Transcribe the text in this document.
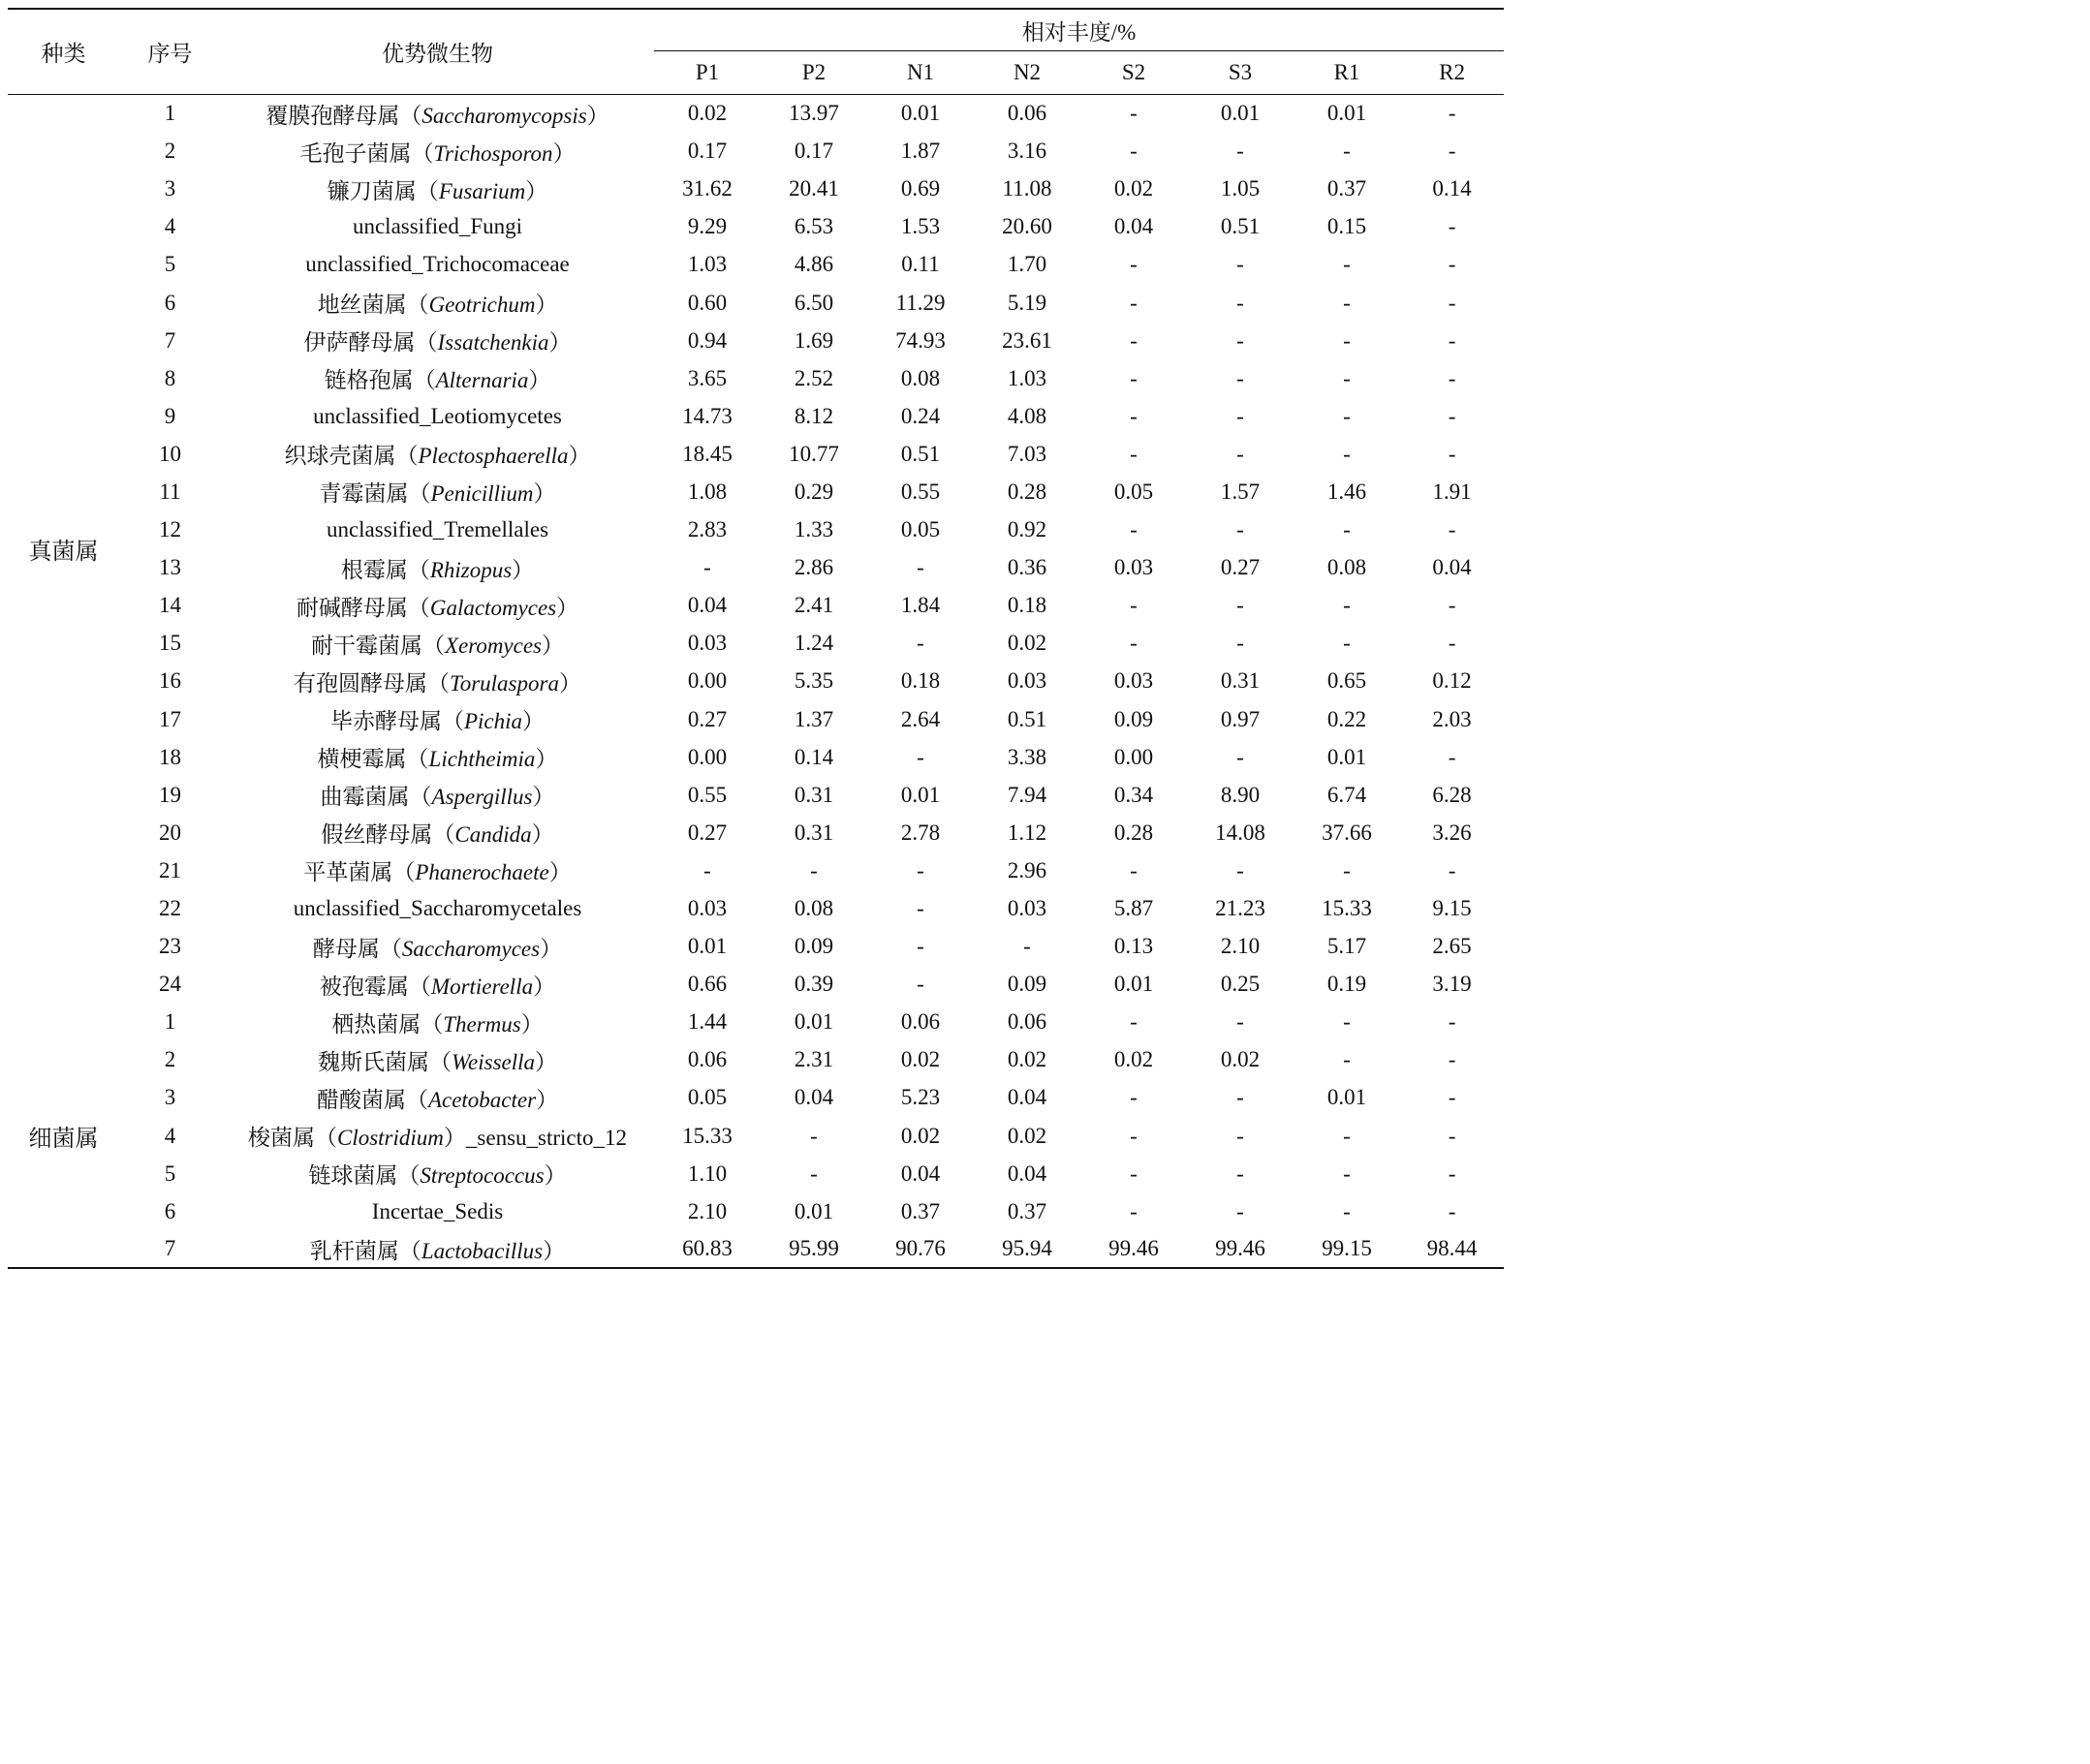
种类	序号	优势微生物	相对丰度/%							
			P1	P2	N1	N2	S2	S3	R1	R2
真菌属	1	覆膜孢酵母属（Saccharomycopsis）	0.02	13.97	0.01	0.06	-	0.01	0.01	-
	2	毛孢子菌属（Trichosporon）	0.17	0.17	1.87	3.16	-	-	-	-
	3	镰刀菌属（Fusarium）	31.62	20.41	0.69	11.08	0.02	1.05	0.37	0.14
	4	unclassified_Fungi	9.29	6.53	1.53	20.60	0.04	0.51	0.15	-
	5	unclassified_Trichocomaceae	1.03	4.86	0.11	1.70	-	-	-	-
	6	地丝菌属（Geotrichum）	0.60	6.50	11.29	5.19	-	-	-	-
	7	伊萨酵母属（Issatchenkia）	0.94	1.69	74.93	23.61	-	-	-	-
	8	链格孢属（Alternaria）	3.65	2.52	0.08	1.03	-	-	-	-
	9	unclassified_Leotiomycetes	14.73	8.12	0.24	4.08	-	-	-	-
	10	织球壳菌属（Plectosphaerella）	18.45	10.77	0.51	7.03	-	-	-	-
	11	青霉菌属（Penicillium）	1.08	0.29	0.55	0.28	0.05	1.57	1.46	1.91
	12	unclassified_Tremellales	2.83	1.33	0.05	0.92	-	-	-	-
	13	根霉属（Rhizopus）	-	2.86	-	0.36	0.03	0.27	0.08	0.04
	14	耐碱酵母属（Galactomyces）	0.04	2.41	1.84	0.18	-	-	-	-
	15	耐干霉菌属（Xeromyces）	0.03	1.24	-	0.02	-	-	-	-
	16	有孢圆酵母属（Torulaspora）	0.00	5.35	0.18	0.03	0.03	0.31	0.65	0.12
	17	毕赤酵母属（Pichia）	0.27	1.37	2.64	0.51	0.09	0.97	0.22	2.03
	18	横梗霉属（Lichtheimia）	0.00	0.14	-	3.38	0.00	-	0.01	-
	19	曲霉菌属（Aspergillus）	0.55	0.31	0.01	7.94	0.34	8.90	6.74	6.28
	20	假丝酵母属（Candida）	0.27	0.31	2.78	1.12	0.28	14.08	37.66	3.26
	21	平革菌属（Phanerochaete）	-	-	-	2.96	-	-	-	-
	22	unclassified_Saccharomycetales	0.03	0.08	-	0.03	5.87	21.23	15.33	9.15
	23	酵母属（Saccharomyces）	0.01	0.09	-	-	0.13	2.10	5.17	2.65
	24	被孢霉属（Mortierella）	0.66	0.39	-	0.09	0.01	0.25	0.19	3.19
细菌属	1	栖热菌属（Thermus）	1.44	0.01	0.06	0.06	-	-	-	-
	2	魏斯氏菌属（Weissella）	0.06	2.31	0.02	0.02	0.02	0.02	-	-
	3	醋酸菌属（Acetobacter）	0.05	0.04	5.23	0.04	-	-	0.01	-
	4	梭菌属（Clostridium）_sensu_stricto_12	15.33	-	0.02	0.02	-	-	-	-
	5	链球菌属（Streptococcus）	1.10	-	0.04	0.04	-	-	-	-
	6	Incertae_Sedis	2.10	0.01	0.37	0.37	-	-	-	-
	7	乳杆菌属（Lactobacillus）	60.83	95.99	90.76	95.94	99.46	99.46	99.15	98.44
